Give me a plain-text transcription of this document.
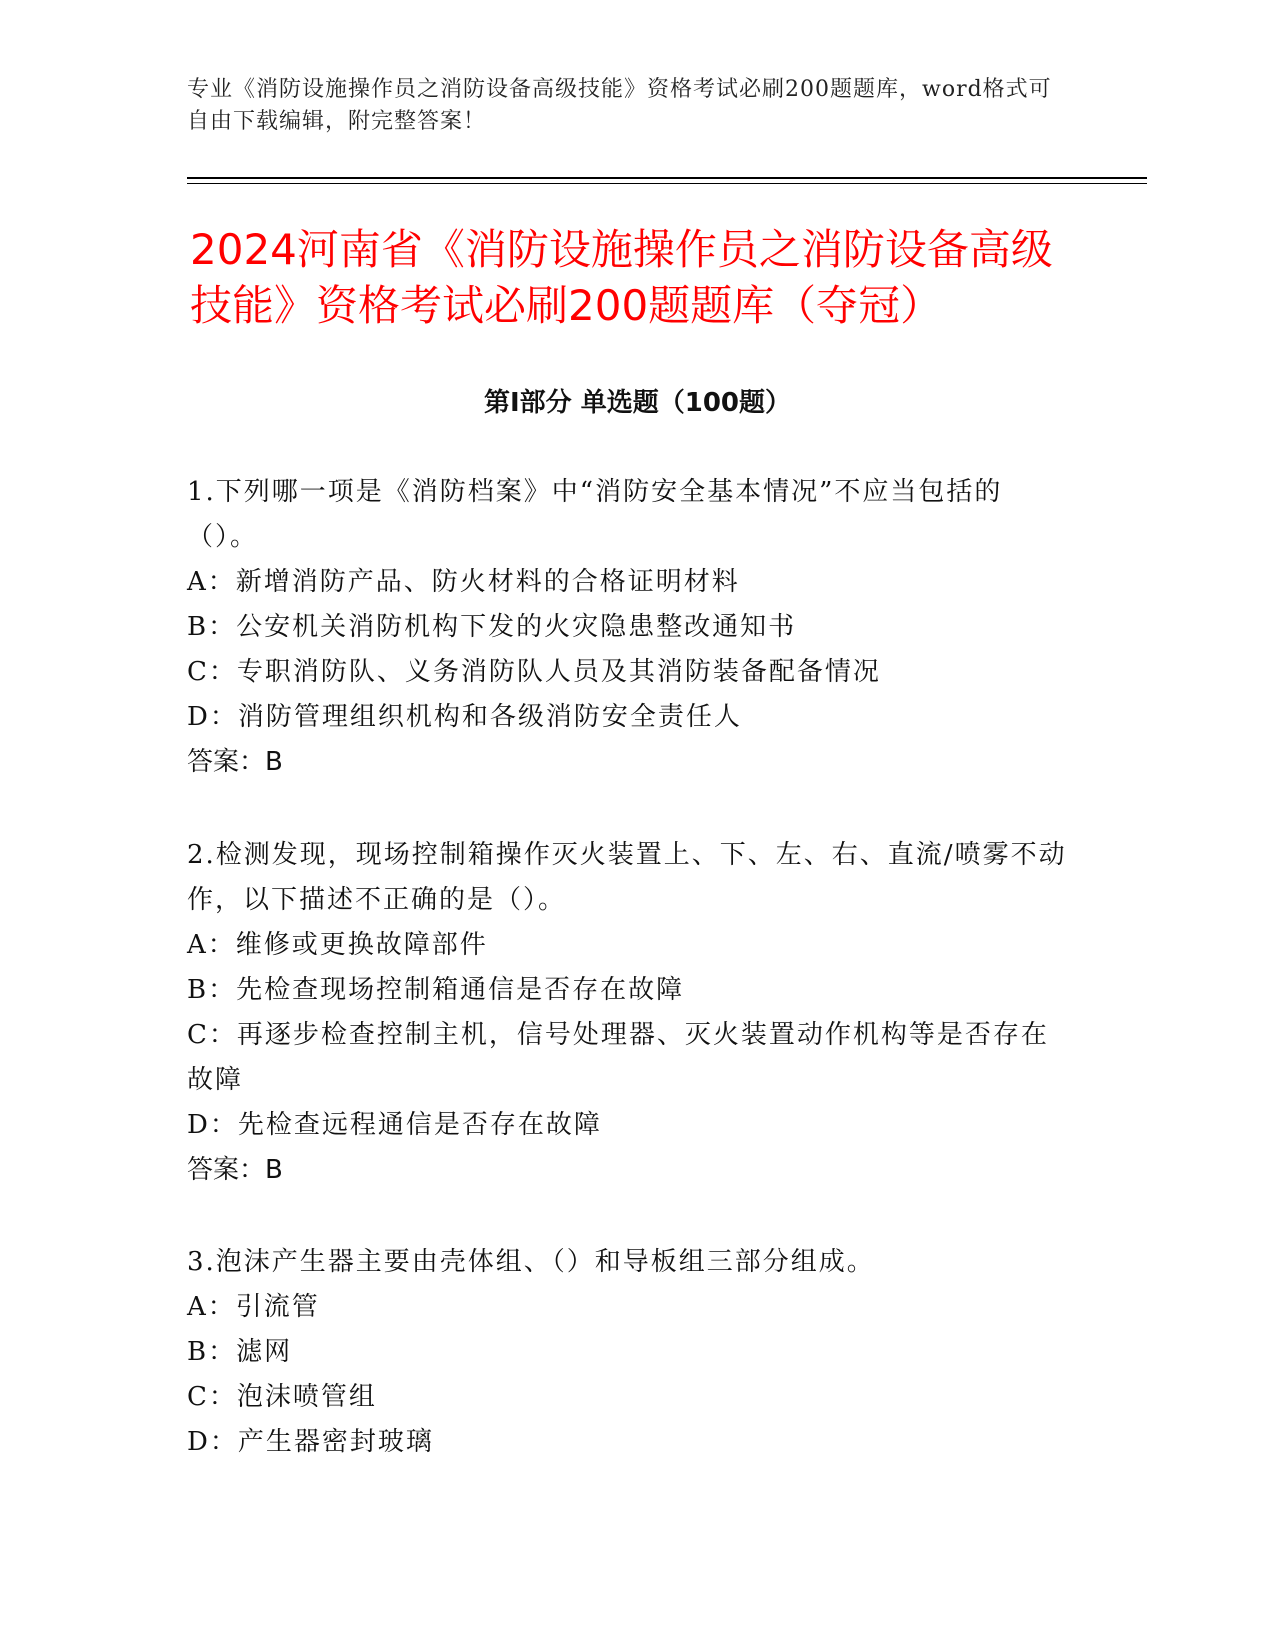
专业《消防设施操作员之消防设备高级技能》资格考试必刷200题题库，word格式可自由下载编辑，附完整答案！
2024河南省《消防设施操作员之消防设备高级技能》资格考试必刷200题题库（夺冠）
第I部分 单选题（100题）

1.下列哪一项是《消防档案》中“消防安全基本情况”不应当包括的（）。

A：新增消防产品、防火材料的合格证明材料

B：公安机关消防机构下发的火灾隐患整改通知书

C：专职消防队、义务消防队人员及其消防装备配备情况

D：消防管理组织机构和各级消防安全责任人

答案：B

2.检测发现，现场控制箱操作灭火装置上、下、左、右、直流/喷雾不动作，以下描述不正确的是（）。

A：维修或更换故障部件

B：先检查现场控制箱通信是否存在故障

C：再逐步检查控制主机，信号处理器、灭火装置动作机构等是否存在故障

D：先检查远程通信是否存在故障

答案：B

3.泡沫产生器主要由壳体组、（）和导板组三部分组成。

A：引流管

B：滤网

C：泡沫喷管组

D：产生器密封玻璃
